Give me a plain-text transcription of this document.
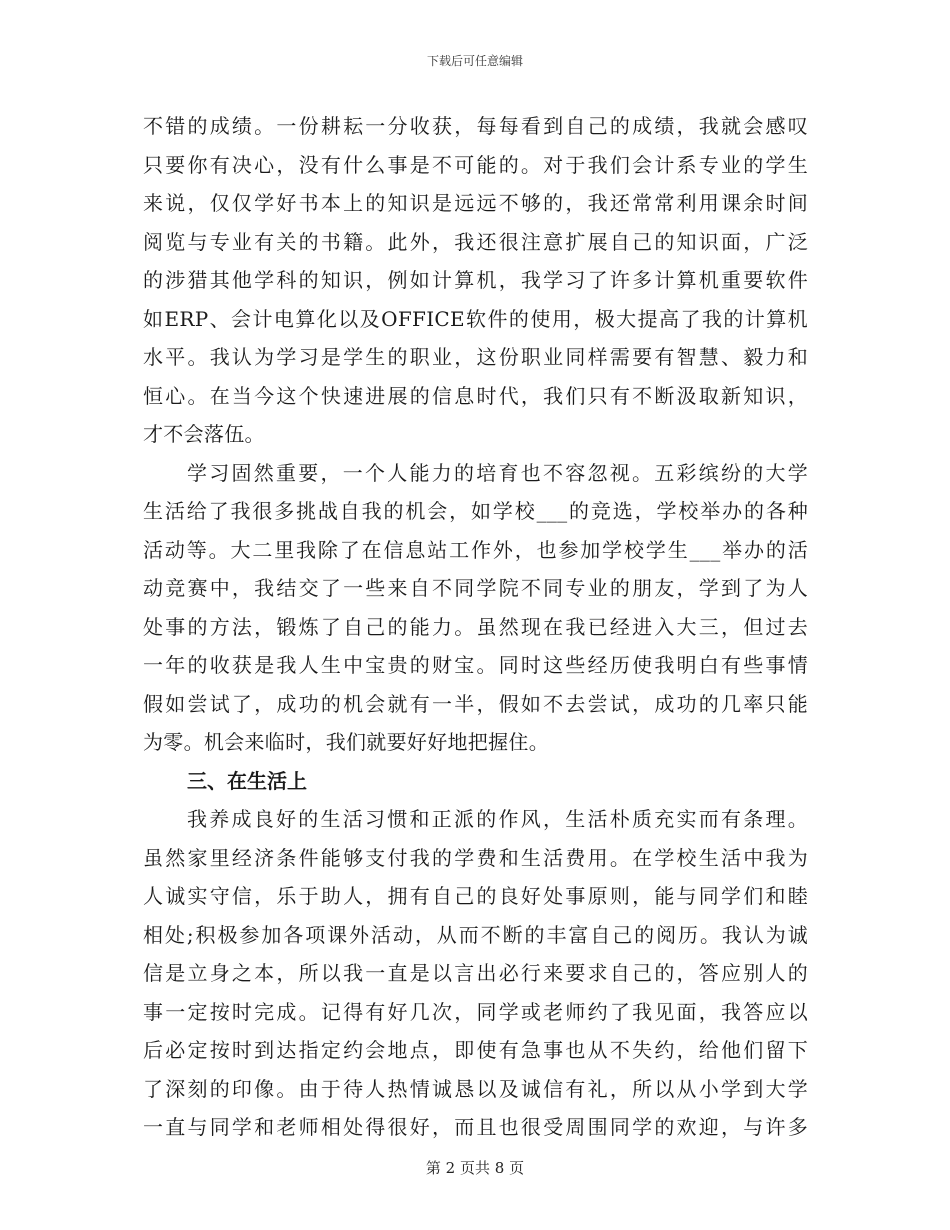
下载后可任意编辑
不错的成绩。一份耕耘一分收获，每每看到自己的成绩，我就会感叹
只要你有决心，没有什么事是不可能的。对于我们会计系专业的学生
来说，仅仅学好书本上的知识是远远不够的，我还常常利用课余时间
阅览与专业有关的书籍。此外，我还很注意扩展自己的知识面，广泛
的涉猎其他学科的知识，例如计算机，我学习了许多计算机重要软件
如ERP、会计电算化以及OFFICE软件的使用，极大提高了我的计算机
水平。我认为学习是学生的职业，这份职业同样需要有智慧、毅力和
恒心。在当今这个快速进展的信息时代，我们只有不断汲取新知识，
才不会落伍。
学习固然重要，一个人能力的培育也不容忽视。五彩缤纷的大学
生活给了我很多挑战自我的机会，如学校___的竞选，学校举办的各种
活动等。大二里我除了在信息站工作外，也参加学校学生___举办的活
动竞赛中，我结交了一些来自不同学院不同专业的朋友，学到了为人
处事的方法，锻炼了自己的能力。虽然现在我已经进入大三，但过去
一年的收获是我人生中宝贵的财宝。同时这些经历使我明白有些事情
假如尝试了，成功的机会就有一半，假如不去尝试，成功的几率只能
为零。机会来临时，我们就要好好地把握住。
三、在生活上
我养成良好的生活习惯和正派的作风，生活朴质充实而有条理。
虽然家里经济条件能够支付我的学费和生活费用。在学校生活中我为
人诚实守信，乐于助人，拥有自己的良好处事原则，能与同学们和睦
相处;积极参加各项课外活动，从而不断的丰富自己的阅历。我认为诚
信是立身之本，所以我一直是以言出必行来要求自己的，答应别人的
事一定按时完成。记得有好几次，同学或老师约了我见面，我答应以
后必定按时到达指定约会地点，即使有急事也从不失约，给他们留下
了深刻的印像。由于待人热情诚恳以及诚信有礼，所以从小学到大学
一直与同学和老师相处得很好，而且也很受周围同学的欢迎，与许多
第 2 页共 8 页
